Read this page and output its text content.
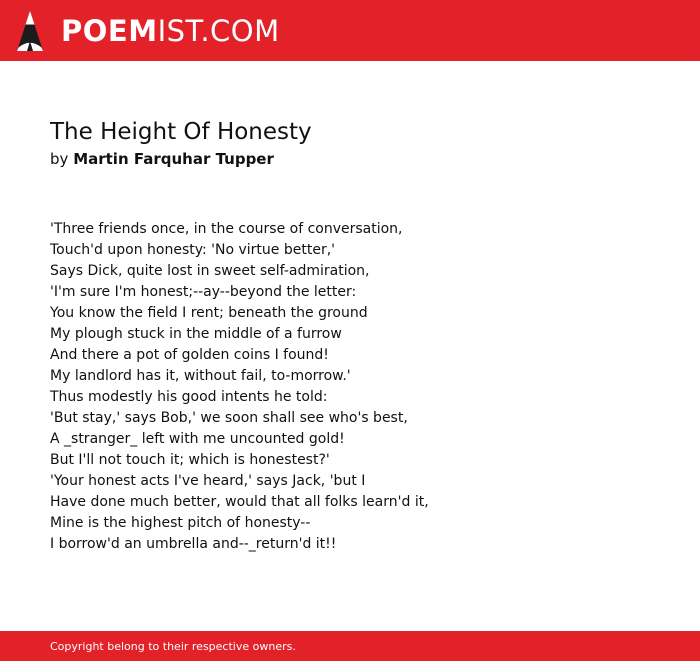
POEMIST.COM
The Height Of Honesty
by Martin Farquhar Tupper
'Three friends once, in the course of conversation,
Touch'd upon honesty: 'No virtue better,'
Says Dick, quite lost in sweet self-admiration,
'I'm sure I'm honest;--ay--beyond the letter:
You know the field I rent; beneath the ground
My plough stuck in the middle of a furrow
And there a pot of golden coins I found!
My landlord has it, without fail, to-morrow.'
Thus modestly his good intents he told:
'But stay,' says Bob,' we soon shall see who's best,
A _stranger_ left with me uncounted gold!
But I'll not touch it; which is honestest?'
'Your honest acts I've heard,' says Jack, 'but I
Have done much better, would that all folks learn'd it,
Mine is the highest pitch of honesty--
I borrow'd an umbrella and--_return'd it!!
Copyright belong to their respective owners.
